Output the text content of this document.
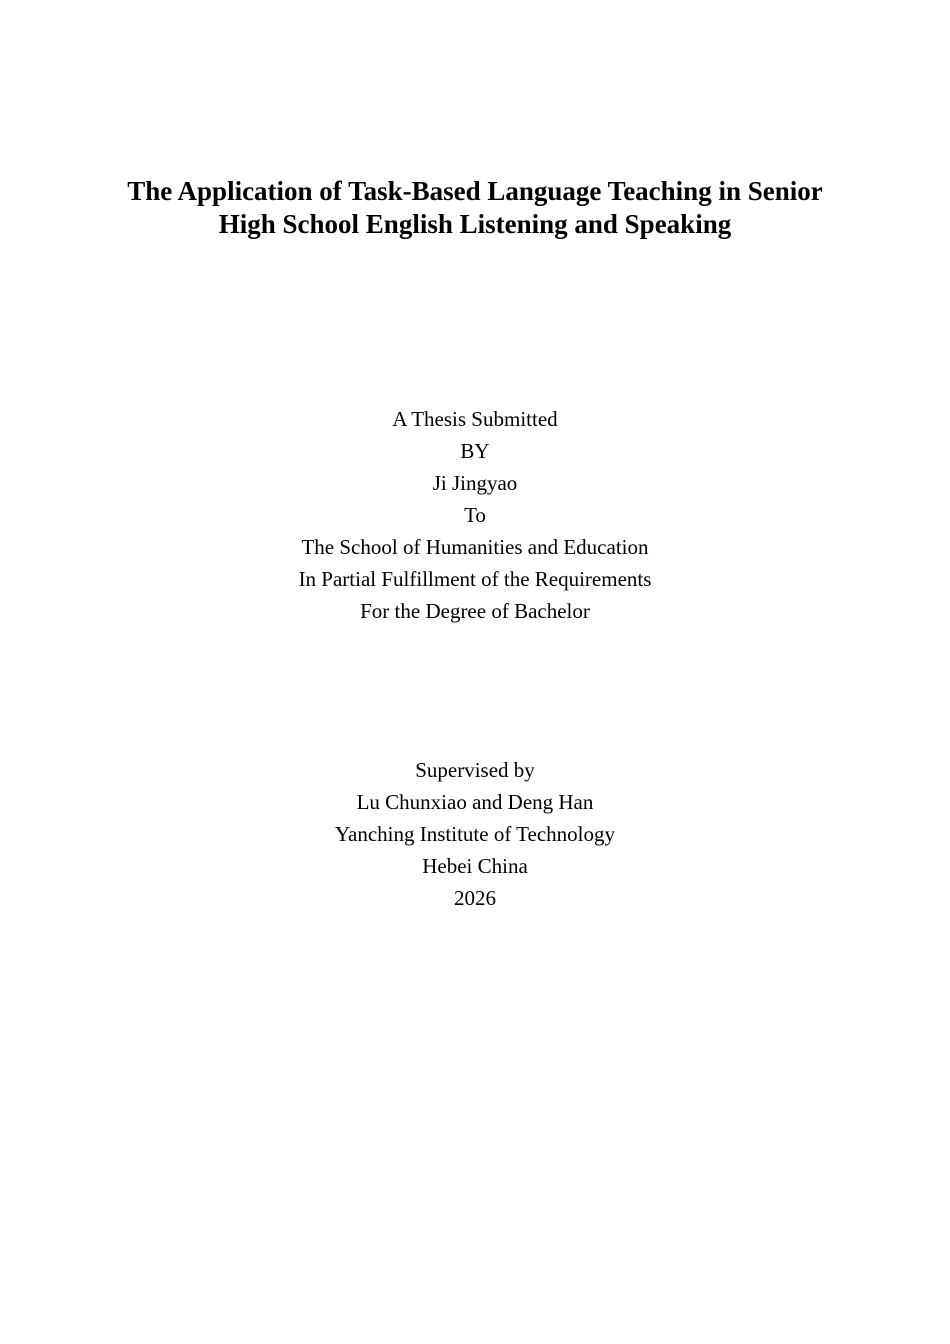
The Application of Task-Based Language Teaching in Senior
High School English Listening and Speaking
A Thesis Submitted
BY
Ji Jingyao
To
The School of Humanities and Education
In Partial Fulfillment of the Requirements
For the Degree of Bachelor
Supervised by
Lu Chunxiao and Deng Han
Yanching Institute of Technology
Hebei China
2026
